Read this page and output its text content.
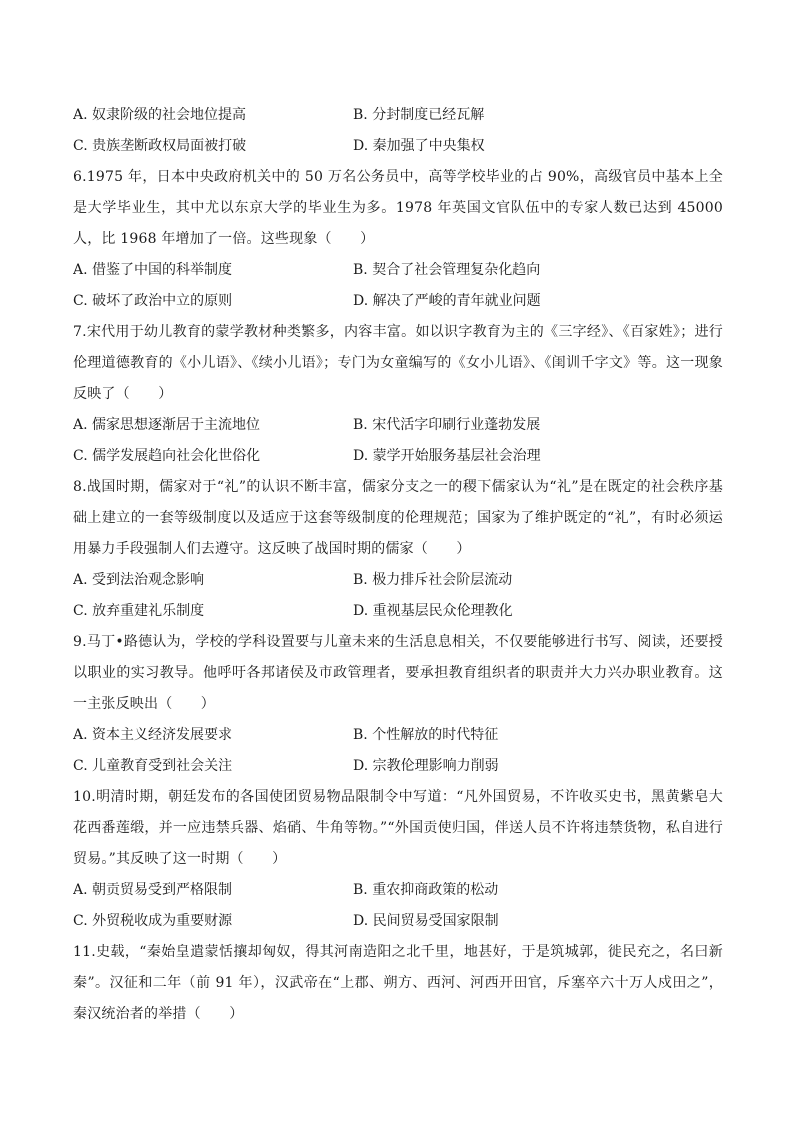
A. 奴隶阶级的社会地位提高	B. 分封制度已经瓦解
C. 贵族垄断政权局面被打破	D. 秦加强了中央集权

6.1975 年，日本中央政府机关中的 50 万名公务员中，高等学校毕业的占 90%，高级官员中基本上全是大学毕业生，其中尤以东京大学的毕业生为多。1978 年英国文官队伍中的专家人数已达到 45000 人，比 1968 年增加了一倍。这些现象（　　）

A. 借鉴了中国的科举制度	B. 契合了社会管理复杂化趋向
C. 破坏了政治中立的原则	D. 解决了严峻的青年就业问题

7.宋代用于幼儿教育的蒙学教材种类繁多，内容丰富。如以识字教育为主的《三字经》、《百家姓》；进行伦理道德教育的《小儿语》、《续小儿语》；专门为女童编写的《女小儿语》、《闺训千字文》等。这一现象反映了（　　）

A. 儒家思想逐渐居于主流地位	B. 宋代活字印刷行业蓬勃发展
C. 儒学发展趋向社会化世俗化	D. 蒙学开始服务基层社会治理

8.战国时期，儒家对于“礼”的认识不断丰富，儒家分支之一的稷下儒家认为“礼”是在既定的社会秩序基础上建立的一套等级制度以及适应于这套等级制度的伦理规范；国家为了维护既定的“礼”，有时必须运用暴力手段强制人们去遵守。这反映了战国时期的儒家（　　）

A. 受到法治观念影响	B. 极力排斥社会阶层流动
C. 放弃重建礼乐制度	D. 重视基层民众伦理教化

9.马丁•路德认为，学校的学科设置要与儿童未来的生活息息相关，不仅要能够进行书写、阅读，还要授以职业的实习教导。他呼吁各邦诸侯及市政管理者，要承担教育组织者的职责并大力兴办职业教育。这一主张反映出（　　）

A. 资本主义经济发展要求	B. 个性解放的时代特征
C. 儿童教育受到社会关注	D. 宗教伦理影响力削弱

10.明清时期，朝廷发布的各国使团贸易物品限制令中写道：“凡外国贸易，不许收买史书，黑黄紫皂大花西番莲缎，并一应违禁兵器、焰硝、牛角等物。”“外国贡使归国，伴送人员不许将违禁货物，私自进行贸易。”其反映了这一时期（　　）

A. 朝贡贸易受到严格限制	B. 重农抑商政策的松动
C. 外贸税收成为重要财源	D. 民间贸易受国家限制

11.史载，“秦始皇遣蒙恬攘却匈奴，得其河南造阳之北千里，地甚好，于是筑城郭，徙民充之，名曰新秦”。汉征和二年（前 91 年），汉武帝在“上郡、朔方、西河、河西开田官，斥塞卒六十万人戍田之”，秦汉统治者的举措（　　）
